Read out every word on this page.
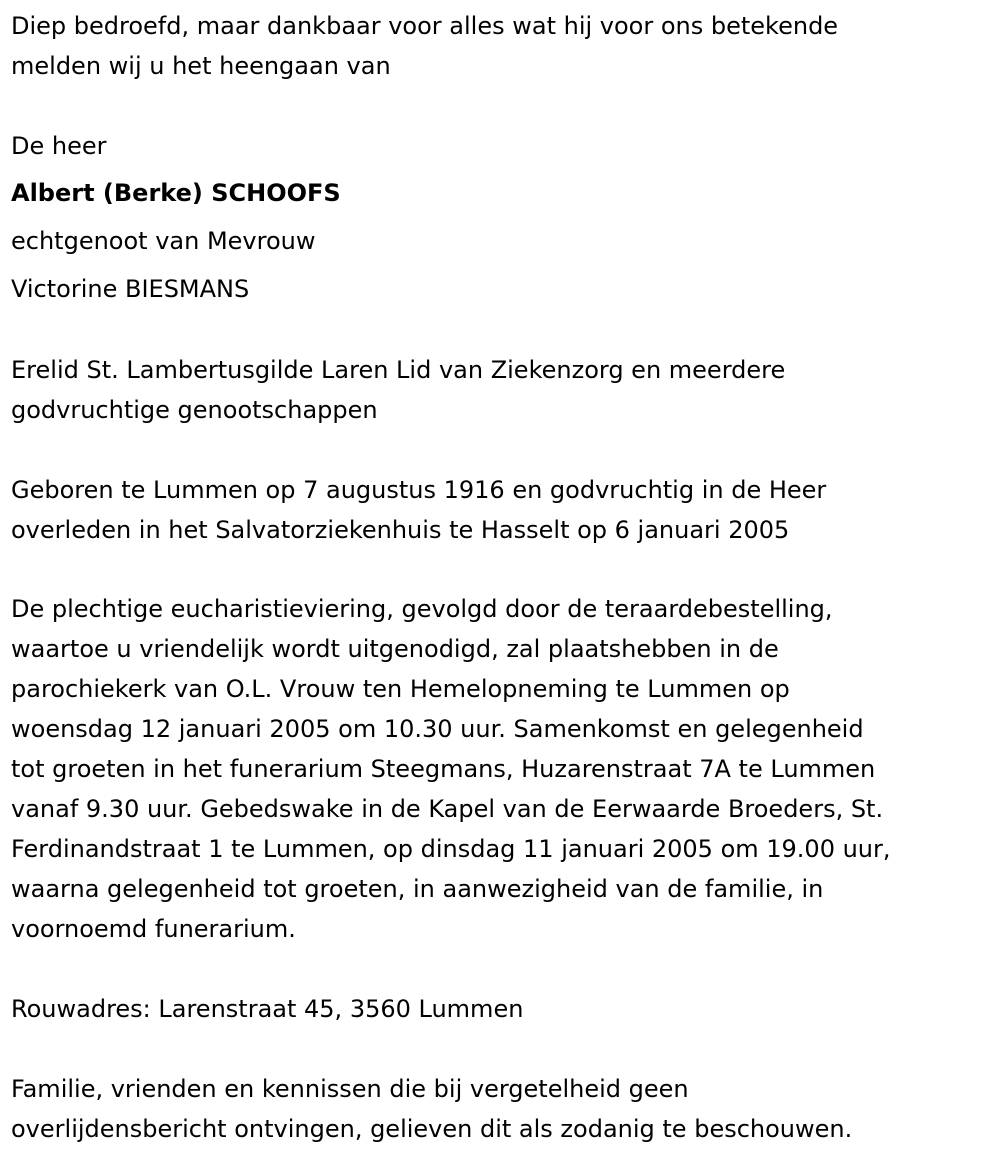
Diep bedroefd, maar dankbaar voor alles wat hij voor ons betekende
melden wij u het heengaan van

De heer

Albert (Berke) SCHOOFS

echtgenoot van Mevrouw

Victorine BIESMANS

Erelid St. Lambertusgilde Laren Lid van Ziekenzorg en meerdere
godvruchtige genootschappen

Geboren te Lummen op 7 augustus 1916 en godvruchtig in de Heer
overleden in het Salvatorziekenhuis te Hasselt op 6 januari 2005

De plechtige eucharistieviering, gevolgd door de teraardebestelling,
waartoe u vriendelijk wordt uitgenodigd, zal plaatshebben in de
parochiekerk van O.L. Vrouw ten Hemelopneming te Lummen op
woensdag 12 januari 2005 om 10.30 uur. Samenkomst en gelegenheid
tot groeten in het funerarium Steegmans, Huzarenstraat 7A te Lummen
vanaf 9.30 uur. Gebedswake in de Kapel van de Eerwaarde Broeders, St.
Ferdinandstraat 1 te Lummen, op dinsdag 11 januari 2005 om 19.00 uur,
waarna gelegenheid tot groeten, in aanwezigheid van de familie, in
voornoemd funerarium.

Rouwadres: Larenstraat 45, 3560 Lummen

Familie, vrienden en kennissen die bij vergetelheid geen
overlijdensbericht ontvingen, gelieven dit als zodanig te beschouwen.
